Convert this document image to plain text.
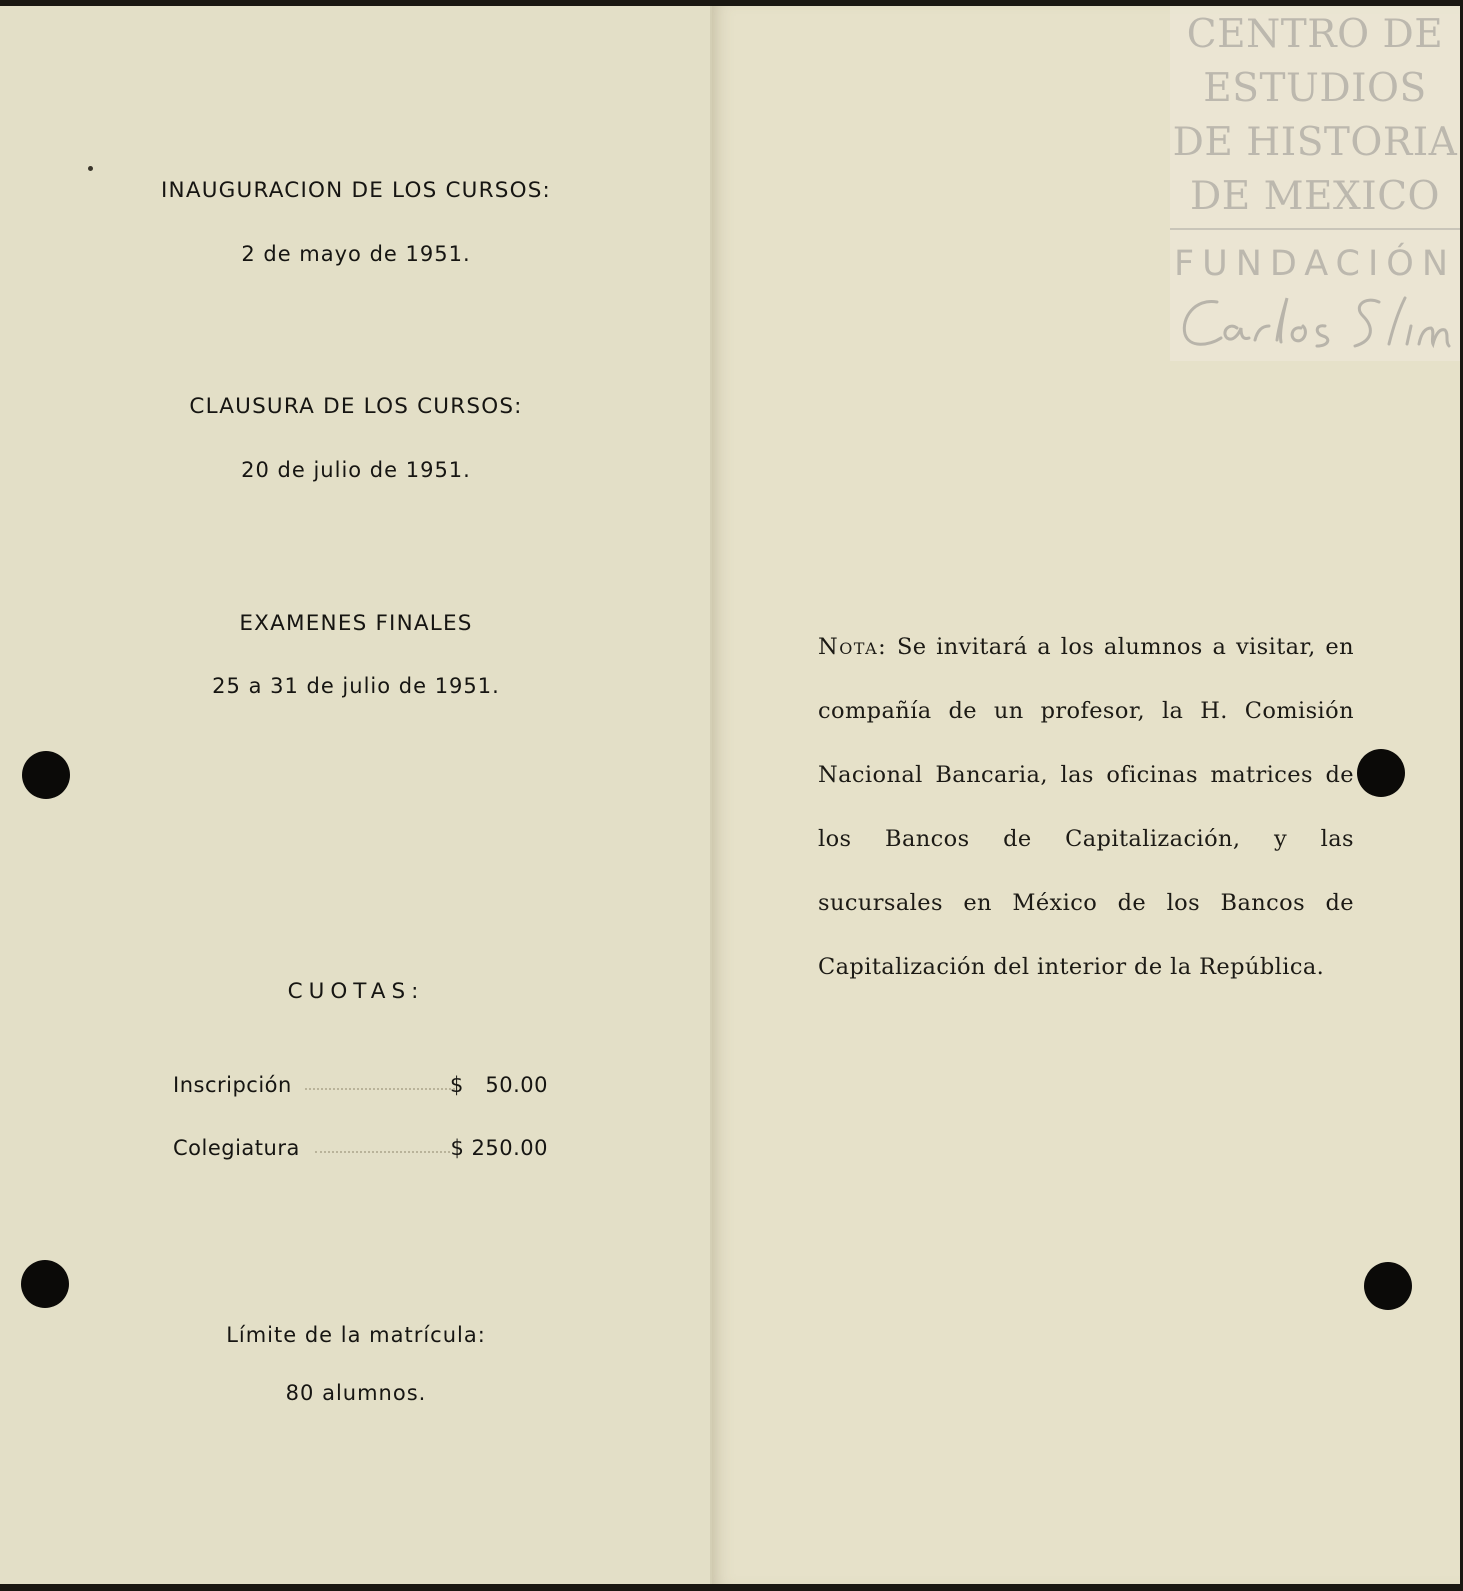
INAUGURACION DE LOS CURSOS:
2 de mayo de 1951.
CLAUSURA DE LOS CURSOS:
20 de julio de 1951.
EXAMENES FINALES
25 a 31 de julio de 1951.
CUOTAS:
Inscripción	$   50.00
Colegiatura	$ 250.00
Límite de la matrícula:
80 alumnos.
Nota: Se invitará a los alumnos a visitar, en compañía de un profesor, la H. Comisión Nacional Bancaria, las oficinas matrices de los Bancos de Capitalización, y las sucursales en México de los Bancos de Capitalización del interior de la República.
CENTRO DE
ESTUDIOS
DE HISTORIA
DE MEXICO
FUNDACIÓN
